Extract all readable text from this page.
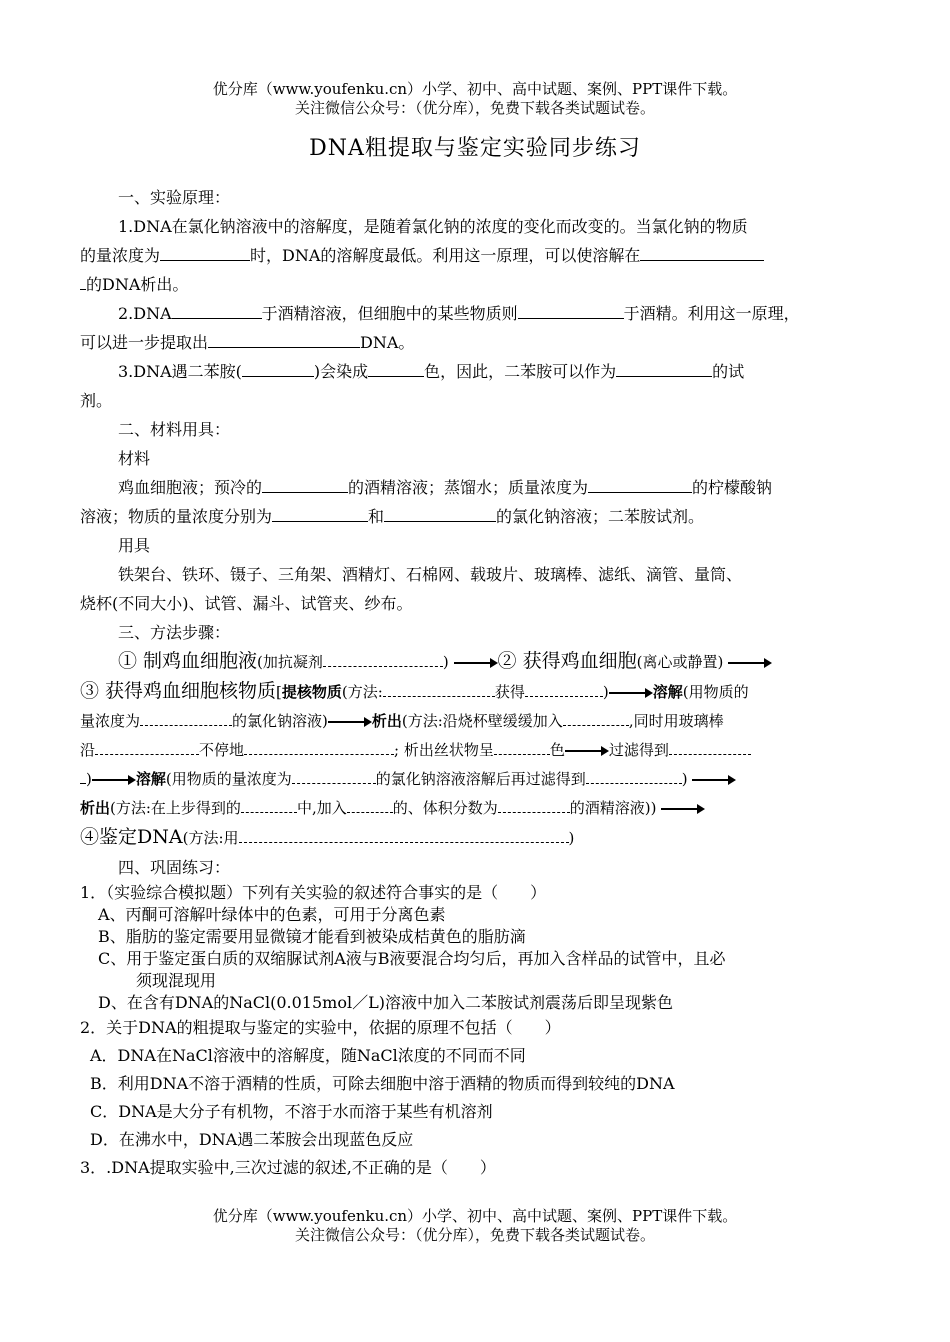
优分库（www.youfenku.cn）小学、初中、高中试题、案例、PPT课件下载。
关注微信公众号：（优分库），免费下载各类试题试卷。
DNA粗提取与鉴定实验同步练习
一、实验原理：
1.DNA在氯化钠溶液中的溶解度，是随着氯化钠的浓度的变化而改变的。当氯化钠的物质
的量浓度为	时，DNA的溶解度最低。利用这一原理，可以使溶解在
的DNA析出。
2.DNA	于酒精溶液，但细胞中的某些物质则	于酒精。利用这一原理，
可以进一步提取出	DNA。
3.DNA遇二苯胺(	)会染成	色，因此，二苯胺可以作为	的试
剂。
二、材料用具：
材料
鸡血细胞液；预冷的	的酒精溶液；蒸馏水；质量浓度为	的柠檬酸钠
溶液；物质的量浓度分别为	和	的氯化钠溶液；二苯胺试剂。
用具
铁架台、铁环、镊子、三角架、酒精灯、石棉网、载玻片、玻璃棒、滤纸、滴管、量筒、
烧杯(不同大小)、试管、漏斗、试管夹、纱布。
三、方法步骤：
① 制鸡血细胞液(加抗凝剂	)	② 获得鸡血细胞(离心或静置)
③ 获得鸡血细胞核物质[提核物质(方法:	获得	)	溶解(用物质的
量浓度为	的氯化钠溶液)	析出(方法:沿烧杯壁缓缓加入	,同时用玻璃棒
沿	不停地	; 析出丝状物呈	色	过滤得到
)	溶解(用物质的量浓度为	的氯化钠溶液溶解后再过滤得到	)
析出(方法:在上步得到的	中,加入	的、体积分数为	的酒精溶液))
④鉴定DNA(方法:用	)
四、巩固练习：
1．（实验综合模拟题）下列有关实验的叙述符合事实的是（　　）
A、丙酮可溶解叶绿体中的色素，可用于分离色素
B、脂肪的鉴定需要用显微镜才能看到被染成桔黄色的脂肪滴
C、用于鉴定蛋白质的双缩脲试剂A液与B液要混合均匀后，再加入含样品的试管中，且必
须现混现用
D、在含有DNA的NaCl(0.015mol／L)溶液中加入二苯胺试剂震荡后即呈现紫色
2．关于DNA的粗提取与鉴定的实验中，依据的原理不包括（　　）
A．DNA在NaCl溶液中的溶解度，随NaCl浓度的不同而不同
B．利用DNA不溶于酒精的性质，可除去细胞中溶于酒精的物质而得到较纯的DNA
C．DNA是大分子有机物，不溶于水而溶于某些有机溶剂
D．在沸水中，DNA遇二苯胺会出现蓝色反应
3．.DNA提取实验中,三次过滤的叙述,不正确的是（　　）
优分库（www.youfenku.cn）小学、初中、高中试题、案例、PPT课件下载。
关注微信公众号：（优分库），免费下载各类试题试卷。
